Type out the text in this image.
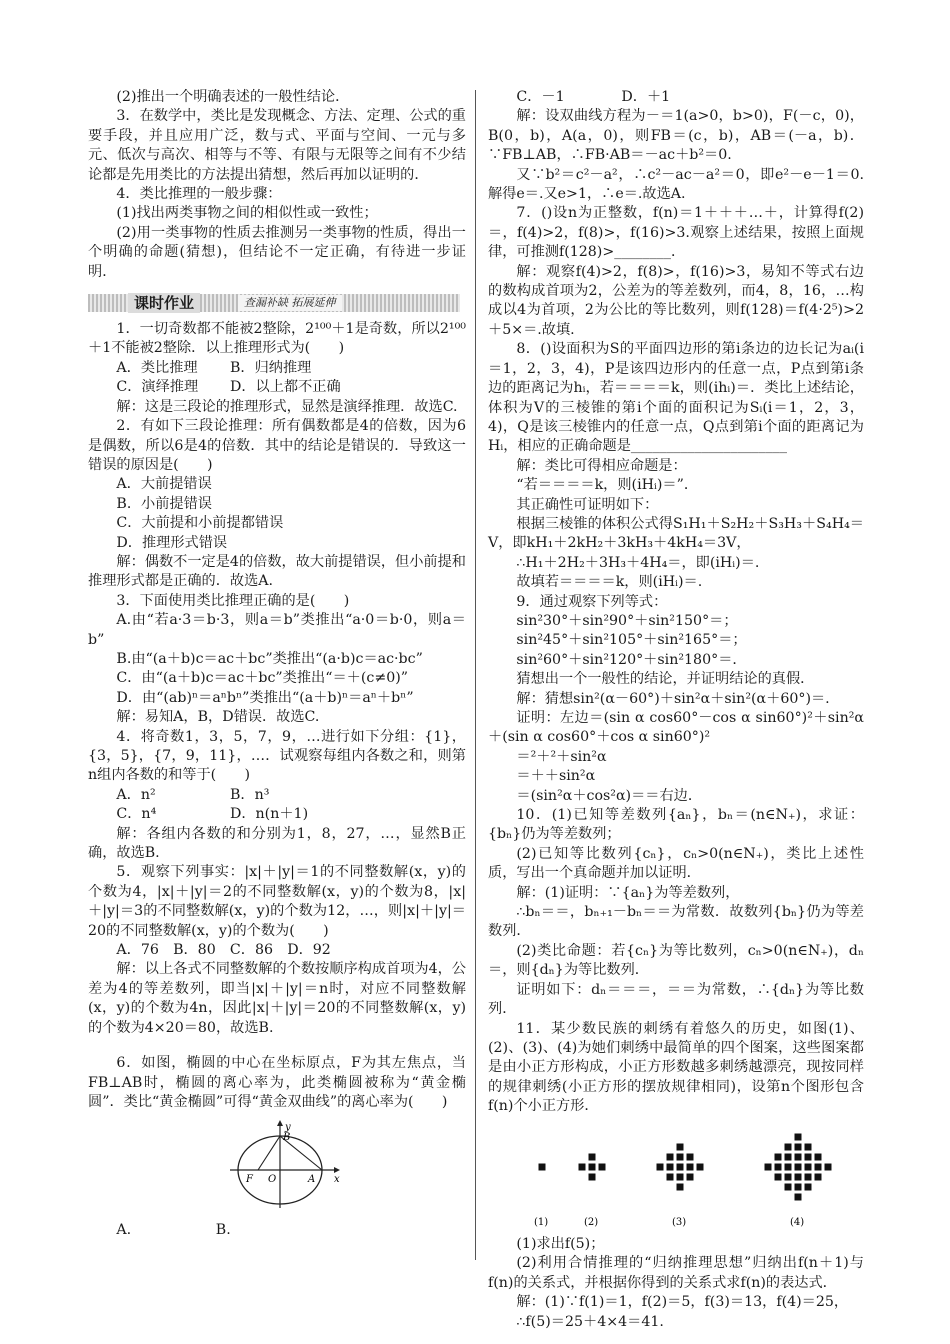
(2)推出一个明确表述的一般性结论．

3．在数学中，类比是发现概念、方法、定理、公式的重要手段，并且应用广泛，数与式、平面与空间、一元与多元、低次与高次、相等与不等、有限与无限等之间有不少结论都是先用类比的方法提出猜想，然后再加以证明的．

4．类比推理的一般步骤：

(1)找出两类事物之间的相似性或一致性；

(2)用一类事物的性质去推测另一类事物的性质，得出一个明确的命题(猜想)，但结论不一定正确，有待进一步证明．

课时作业	查漏补缺 拓展延伸

1．一切奇数都不能被2整除，2¹⁰⁰＋1是奇数，所以2¹⁰⁰＋1不能被2整除．以上推理形式为(　　)

A．类比推理	B．归纳推理
C．演绎推理	D．以上都不正确

解：这是三段论的推理形式，显然是演绎推理．故选C.

2．有如下三段论推理：所有偶数都是4的倍数，因为6是偶数，所以6是4的倍数．其中的结论是错误的．导致这一错误的原因是(　　)

A．大前提错误

B．小前提错误

C．大前提和小前提都错误

D．推理形式错误

解：偶数不一定是4的倍数，故大前提错误，但小前提和推理形式都是正确的．故选A.

3．下面使用类比推理正确的是(　　)

A.由“若a·3＝b·3，则a＝b”类推出“a·0＝b·0，则a＝b”

B.由“(a＋b)c＝ac＋bc”类推出“(a·b)c＝ac·bc”

C．由“(a＋b)c＝ac＋bc”类推出“＝＋(c≠0)”

D．由“(ab)ⁿ＝aⁿbⁿ”类推出“(a＋b)ⁿ＝aⁿ＋bⁿ”

解：易知A，B，D错误．故选C.

4．将奇数1，3，5，7，9，…进行如下分组：{1}，{3，5}，{7，9，11}，…．试观察每组内各数之和，则第n组内各数的和等于(　　)

A．n²	B．n³
C．n⁴	D．n(n＋1)

解：各组内各数的和分别为1，8，27，…，显然B正确，故选B.

5．观察下列事实：|x|＋|y|＝1的不同整数解(x，y)的个数为4，|x|＋|y|＝2的不同整数解(x，y)的个数为8，|x|＋|y|＝3的不同整数解(x，y)的个数为12，…，则|x|＋|y|＝20的不同整数解(x，y)的个数为(　　)

A．76　B．80　C．86　D．92

解：以上各式不同整数解的个数按顺序构成首项为4，公差为4的等差数列，即当|x|＋|y|＝n时，对应不同整数解(x，y)的个数为4n，因此|x|＋|y|＝20的不同整数解(x，y)的个数为4×20＝80，故选B.

6．如图，椭圆的中心在坐标原点，F为其左焦点，当FB⊥AB时，椭圆的离心率为，此类椭圆被称为“黄金椭圆”．类比“黄金椭圆”可得“黄金双曲线”的离心率为(　　)

y
B
F O	A x
A.	B.

C．－1　　　　D．＋1

解：设双曲线方程为－＝1(a>0，b>0)，F(－c，0)，B(0，b)，A(a，0)，则FB＝(c，b)，AB＝(－a，b)．∵FB⊥AB，∴FB·AB＝－ac＋b²＝0.

又∵b²＝c²－a²，∴c²－ac－a²＝0，即e²－e－1＝0.解得e＝.又e>1，∴e＝.故选A.

7．()设n为正整数，f(n)＝1＋＋＋…＋，计算得f(2)＝，f(4)>2，f(8)>，f(16)>3.观察上述结果，按照上面规律，可推测f(128)>________．

解：观察f(4)>2，f(8)>，f(16)>3，易知不等式右边的数构成首项为2，公差为的等差数列，而4，8，16，…构成以4为首项，2为公比的等比数列，则f(128)＝f(4·2⁵)>2＋5×＝.故填.

8．()设面积为S的平面四边形的第i条边的边长记为aᵢ(i＝1，2，3，4)，P是该四边形内的任意一点，P点到第i条边的距离记为hᵢ，若＝＝＝＝k，则(ihᵢ)＝．类比上述结论，体积为V的三棱锥的第i个面的面积记为Sᵢ(i＝1，2，3，4)，Q是该三棱锥内的任意一点，Q点到第i个面的距离记为Hᵢ，相应的正确命题是______________________

解：类比可得相应命题是：

“若＝＝＝＝k，则(iHᵢ)＝”．

其正确性可证明如下：

根据三棱锥的体积公式得S₁H₁＋S₂H₂＋S₃H₃＋S₄H₄＝V，即kH₁＋2kH₂＋3kH₃＋4kH₄＝3V，

∴H₁＋2H₂＋3H₃＋4H₄＝，即(iHᵢ)＝.

故填若＝＝＝＝k，则(iHᵢ)＝.

9．通过观察下列等式：

sin²30°＋sin²90°＋sin²150°＝；

sin²45°＋sin²105°＋sin²165°＝；

sin²60°＋sin²120°＋sin²180°＝．

猜想出一个一般性的结论，并证明结论的真假．

解：猜想sin²(α－60°)＋sin²α＋sin²(α＋60°)＝.

证明：左边＝(sin α cos60°－cos α sin60°)²＋sin²α＋(sin α cos60°＋cos α sin60°)²

＝²＋²＋sin²α

＝＋＋sin²α

＝(sin²α＋cos²α)＝＝右边．

10．(1)已知等差数列{aₙ}，bₙ＝(n∈N₊)，求证：{bₙ}仍为等差数列；

(2)已知等比数列{cₙ}，cₙ>0(n∈N₊)，类比上述性质，写出一个真命题并加以证明．

解：(1)证明：∵{aₙ}为等差数列，

∴bₙ＝＝，bₙ₊₁－bₙ＝＝为常数．故数列{bₙ}仍为等差数列．

(2)类比命题：若{cₙ}为等比数列，cₙ>0(n∈N₊)，dₙ＝，则{dₙ}为等比数列．

证明如下：dₙ＝＝＝，＝＝为常数，∴{dₙ}为等比数列．

11．某少数民族的刺绣有着悠久的历史，如图(1)、(2)、(3)、(4)为她们刺绣中最简单的四个图案，这些图案都是由小正方形构成，小正方形数越多刺绣越漂亮，现按同样的规律刺绣(小正方形的摆放规律相同)，设第n个图形包含f(n)个小正方形．

(1)	(2)	(3)	(4)

(1)求出f(5)；

(2)利用合情推理的“归纳推理思想”归纳出f(n＋1)与f(n)的关系式，并根据你得到的关系式求f(n)的表达式．

解：(1)∵f(1)＝1，f(2)＝5，f(3)＝13，f(4)＝25，

∴f(5)＝25＋4×4＝41.
